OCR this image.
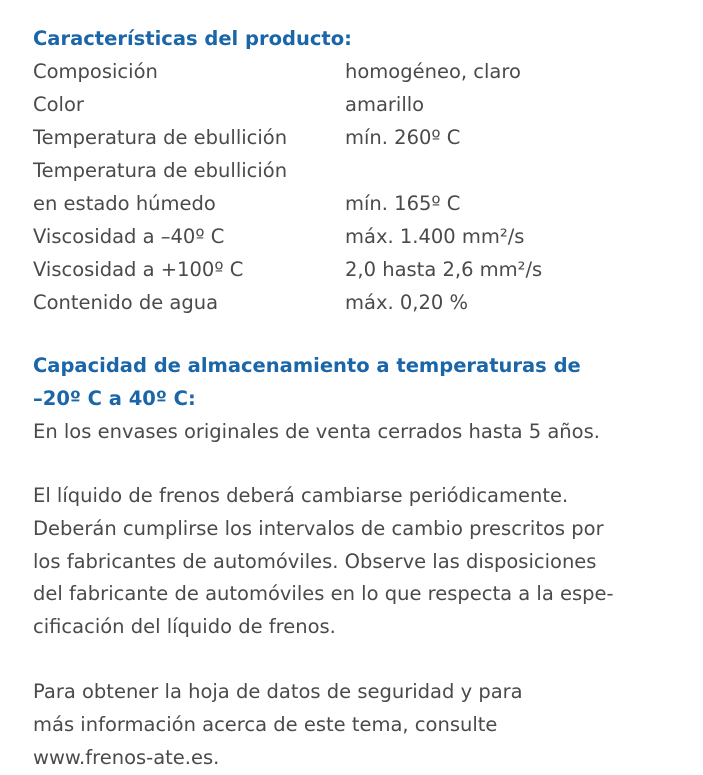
Características del producto:
Composición	homogéneo, claro
Color	amarillo
Temperatura de ebullición	mín. 260º C
Temperatura de ebullición
en estado húmedo	mín. 165º C
Viscosidad a –40º C	máx. 1.400 mm²/s
Viscosidad a +100º C	2,0 hasta 2,6 mm²/s
Contenido de agua	máx. 0,20 %
Capacidad de almacenamiento a temperaturas de
–20º C a 40º C:

En los envases originales de venta cerrados hasta 5 años.

El líquido de frenos deberá cambiarse periódicamente.
Deberán cumplirse los intervalos de cambio prescritos por
los fabricantes de automóviles. Observe las disposiciones
del fabricante de automóviles en lo que respecta a la espe-
cificación del líquido de frenos.

Para obtener la hoja de datos de seguridad y para
más información acerca de este tema, consulte
www.frenos-ate.es.
